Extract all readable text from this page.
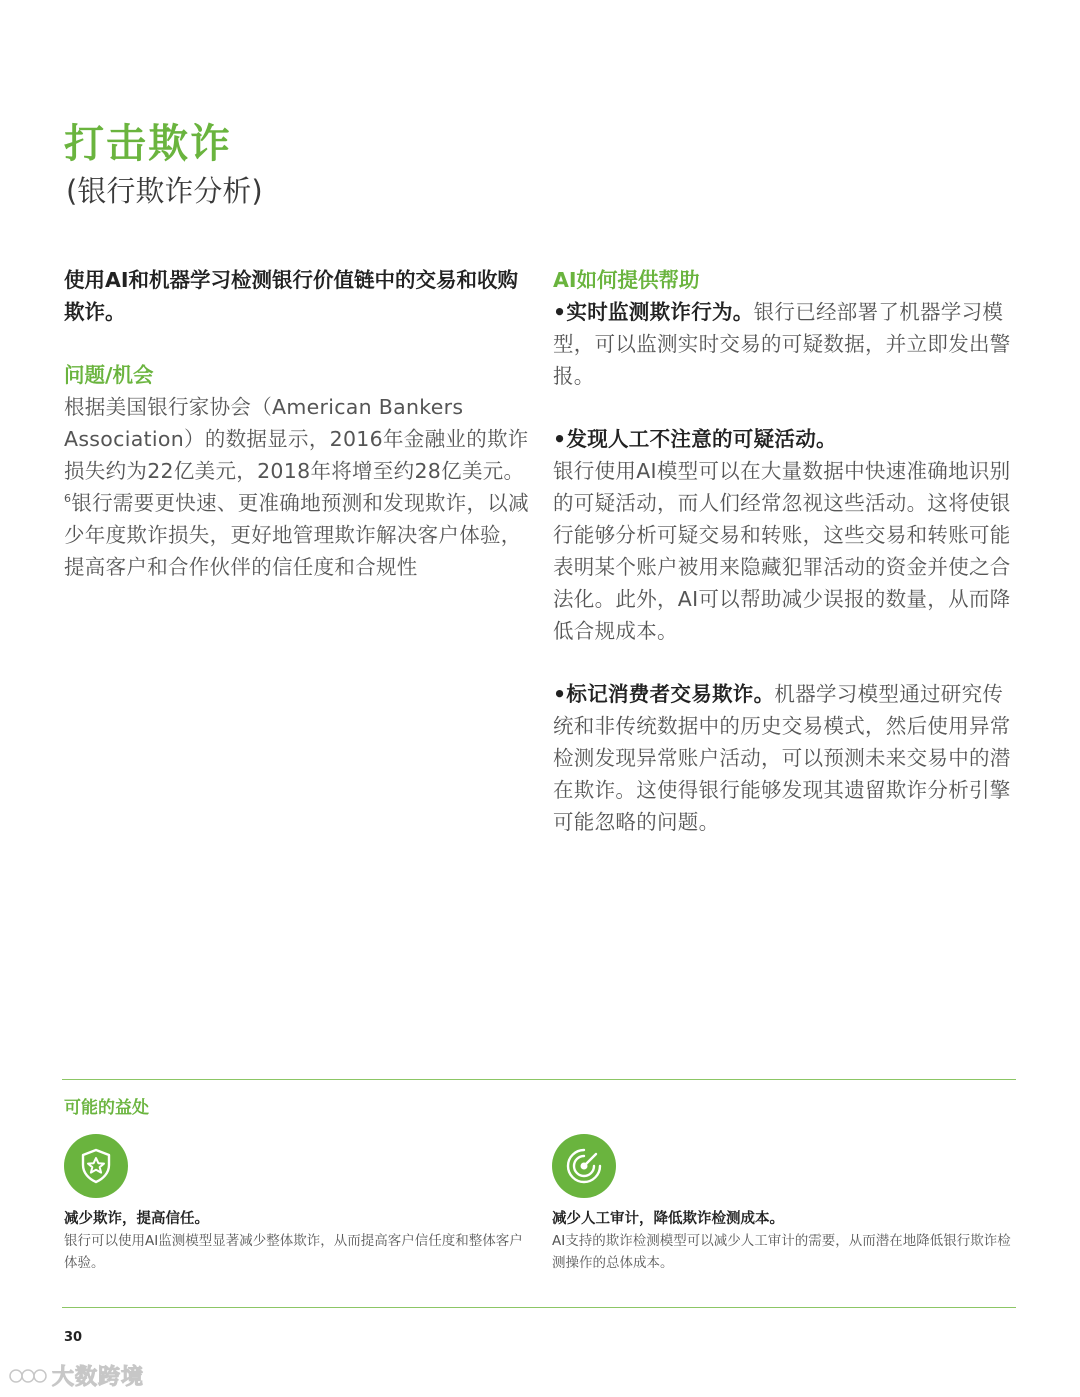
打击欺诈

(银行欺诈分析)

使用AI和机器学习检测银行价值链中的交易和收购欺诈。

问题/机会

根据美国银行家协会（American Bankers Association）的数据显示，2016年金融业的欺诈损失约为22亿美元，2018年将增至约28亿美元。$^6$银行需要更快速、更准确地预测和发现欺诈，以减少年度欺诈损失，更好地管理欺诈解决客户体验，提高客户和合作伙伴的信任度和合规性

AI如何提供帮助

•实时监测欺诈行为。银行已经部署了机器学习模型，可以监测实时交易的可疑数据，并立即发出警报。

•发现人工不注意的可疑活动。
银行使用AI模型可以在大量数据中快速准确地识别的可疑活动，而人们经常忽视这些活动。这将使银行能够分析可疑交易和转账，这些交易和转账可能表明某个账户被用来隐藏犯罪活动的资金并使之合法化。此外，AI可以帮助减少误报的数量，从而降低合规成本。

•标记消费者交易欺诈。机器学习模型通过研究传统和非传统数据中的历史交易模式，然后使用异常检测发现异常账户活动，可以预测未来交易中的潜在欺诈。这使得银行能够发现其遗留欺诈分析引擎可能忽略的问题。

可能的益处

减少欺诈，提高信任。

银行可以使用AI监测模型显著减少整体欺诈，从而提高客户信任度和整体客户体验。

减少人工审计，降低欺诈检测成本。

AI支持的欺诈检测模型可以减少人工审计的需要，从而潜在地降低银行欺诈检测操作的总体成本。

30

大数跨境
